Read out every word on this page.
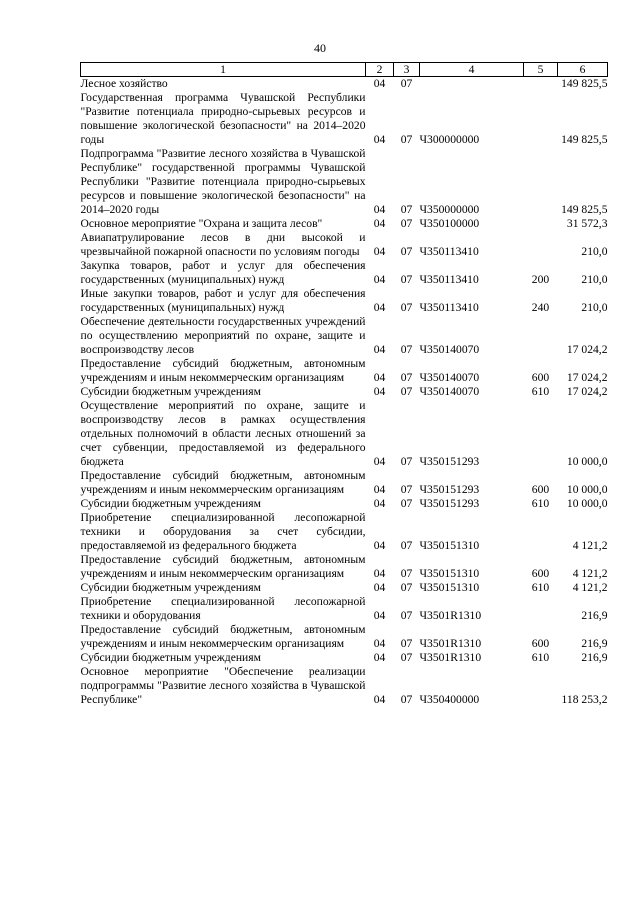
40
1	2	3	4	5	6
Лесное хозяйство	04	07			149 825,5
Государственная программа Чувашской Республики "Развитие потенциала природно-сырьевых ресурсов и повышение экологической безопасности" на 2014–2020 годы	04	07	Ч300000000		149 825,5
Подпрограмма "Развитие лесного хозяйства в Чувашской Республике" государственной программы Чувашской Республики "Развитие потенциала природно-сырьевых ресурсов и повышение экологической безопасности" на 2014–2020 годы	04	07	Ч350000000		149 825,5
Основное мероприятие "Охрана и защита лесов"	04	07	Ч350100000		31 572,3
Авиапатрулирование лесов в дни высокой и чрезвычайной пожарной опасности по условиям погоды	04	07	Ч350113410		210,0
Закупка товаров, работ и услуг для обеспечения государственных (муниципальных) нужд	04	07	Ч350113410	200	210,0
Иные закупки товаров, работ и услуг для обеспечения государственных (муниципальных) нужд	04	07	Ч350113410	240	210,0
Обеспечение деятельности государственных учреждений по осуществлению мероприятий по охране, защите и воспроизводству лесов	04	07	Ч350140070		17 024,2
Предоставление субсидий бюджетным, автономным учреждениям и иным некоммерческим организациям	04	07	Ч350140070	600	17 024,2
Субсидии бюджетным учреждениям	04	07	Ч350140070	610	17 024,2
Осуществление мероприятий по охране, защите и воспроизводству лесов в рамках осуществления отдельных полномочий в области лесных отношений за счет субвенции, предоставляемой из федерального бюджета	04	07	Ч350151293		10 000,0
Предоставление субсидий бюджетным, автономным учреждениям и иным некоммерческим организациям	04	07	Ч350151293	600	10 000,0
Субсидии бюджетным учреждениям	04	07	Ч350151293	610	10 000,0
Приобретение специализированной лесопожарной техники и оборудования за счет субсидии, предоставляемой из федерального бюджета	04	07	Ч350151310		4 121,2
Предоставление субсидий бюджетным, автономным учреждениям и иным некоммерческим организациям	04	07	Ч350151310	600	4 121,2
Субсидии бюджетным учреждениям	04	07	Ч350151310	610	4 121,2
Приобретение специализированной лесопожарной техники и оборудования	04	07	Ч3501R1310		216,9
Предоставление субсидий бюджетным, автономным учреждениям и иным некоммерческим организациям	04	07	Ч3501R1310	600	216,9
Субсидии бюджетным учреждениям	04	07	Ч3501R1310	610	216,9
Основное мероприятие "Обеспечение реализации подпрограммы "Развитие лесного хозяйства в Чувашской Республике"	04	07	Ч350400000		118 253,2
